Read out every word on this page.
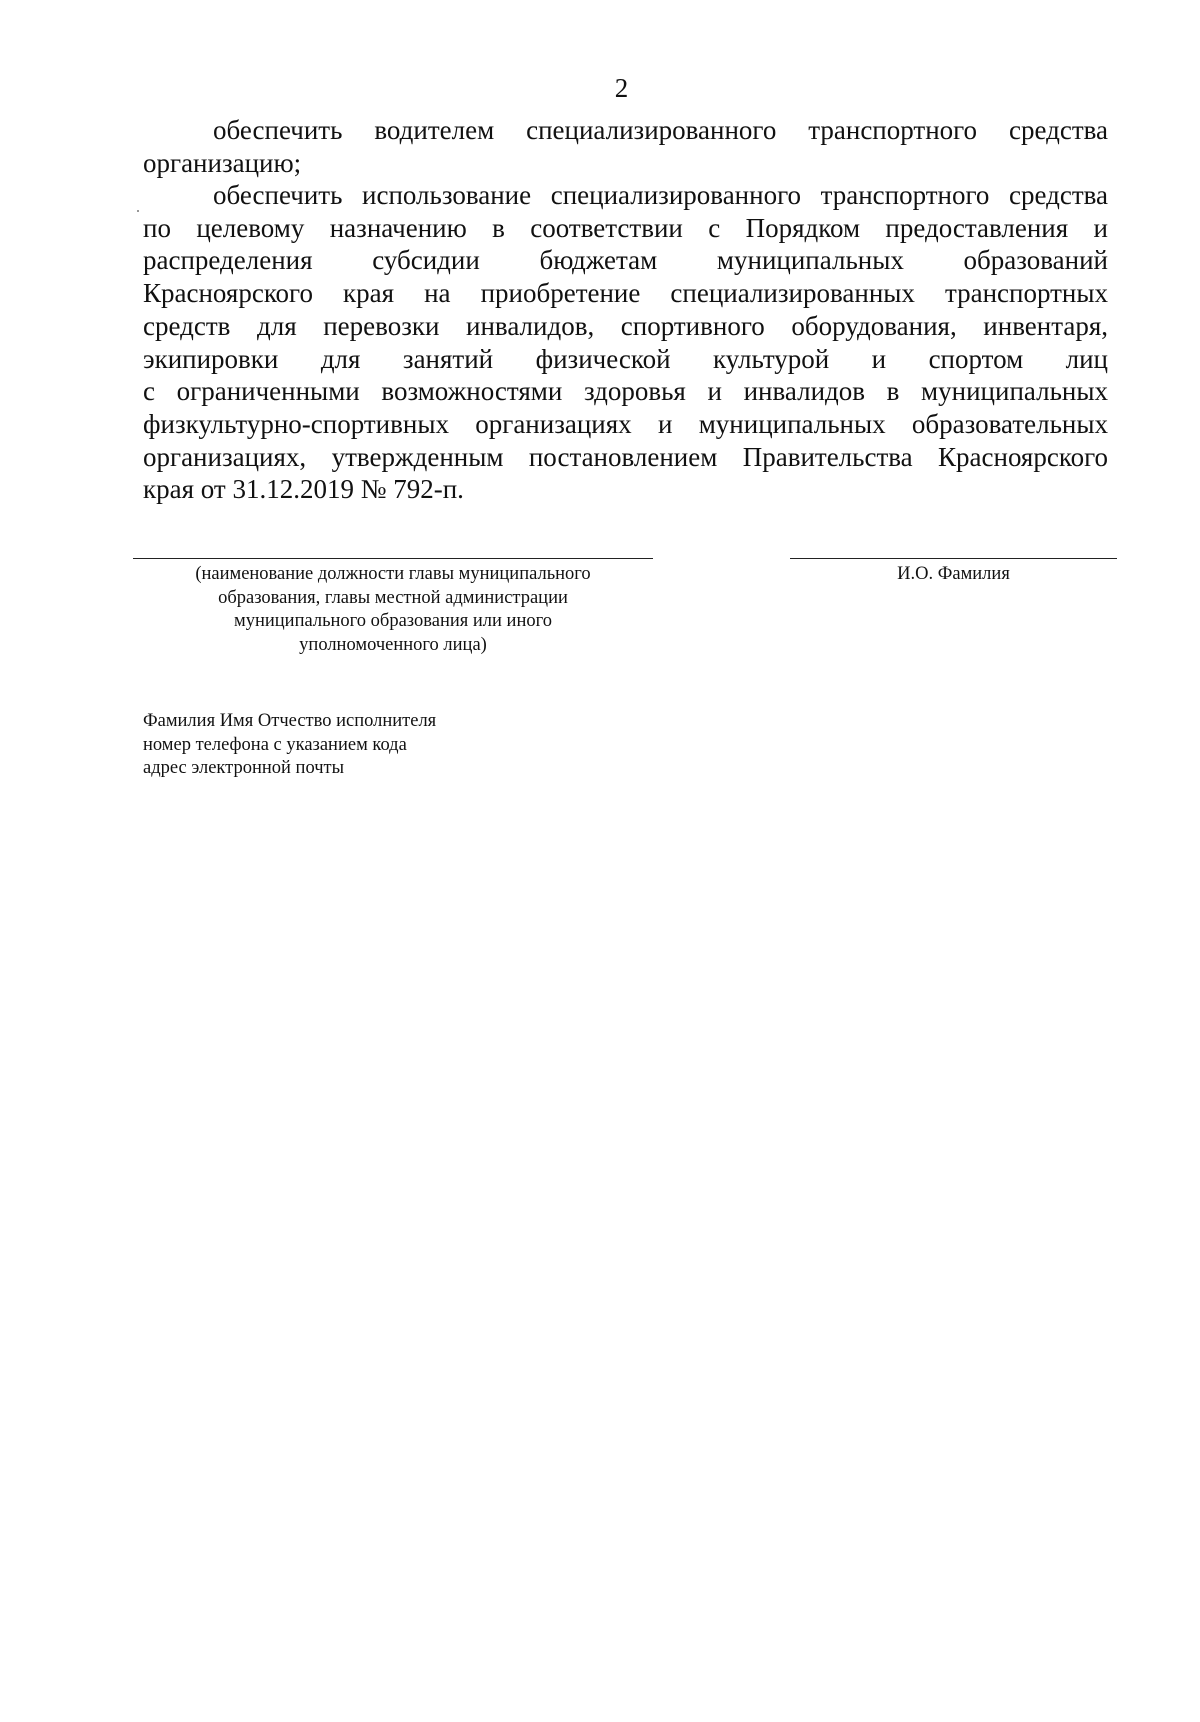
2
обеспечить водителем специализированного транспортного средства
организацию;
обеспечить использование специализированного транспортного средства
по целевому назначению в соответствии с Порядком предоставления и
распределения субсидии бюджетам муниципальных образований
Красноярского края на приобретение специализированных транспортных
средств для перевозки инвалидов, спортивного оборудования, инвентаря,
экипировки для занятий физической культурой и спортом лиц
с ограниченными возможностями здоровья и инвалидов в муниципальных
физкультурно-спортивных организациях и муниципальных образовательных
организациях, утвержденным постановлением Правительства Красноярского
края от 31.12.2019 № 792-п.
(наименование должности главы муниципального
образования, главы местной администрации
муниципального образования или иного
уполномоченного лица)
И.О. Фамилия
Фамилия Имя Отчество исполнителя
номер телефона с указанием кода
адрес электронной почты
